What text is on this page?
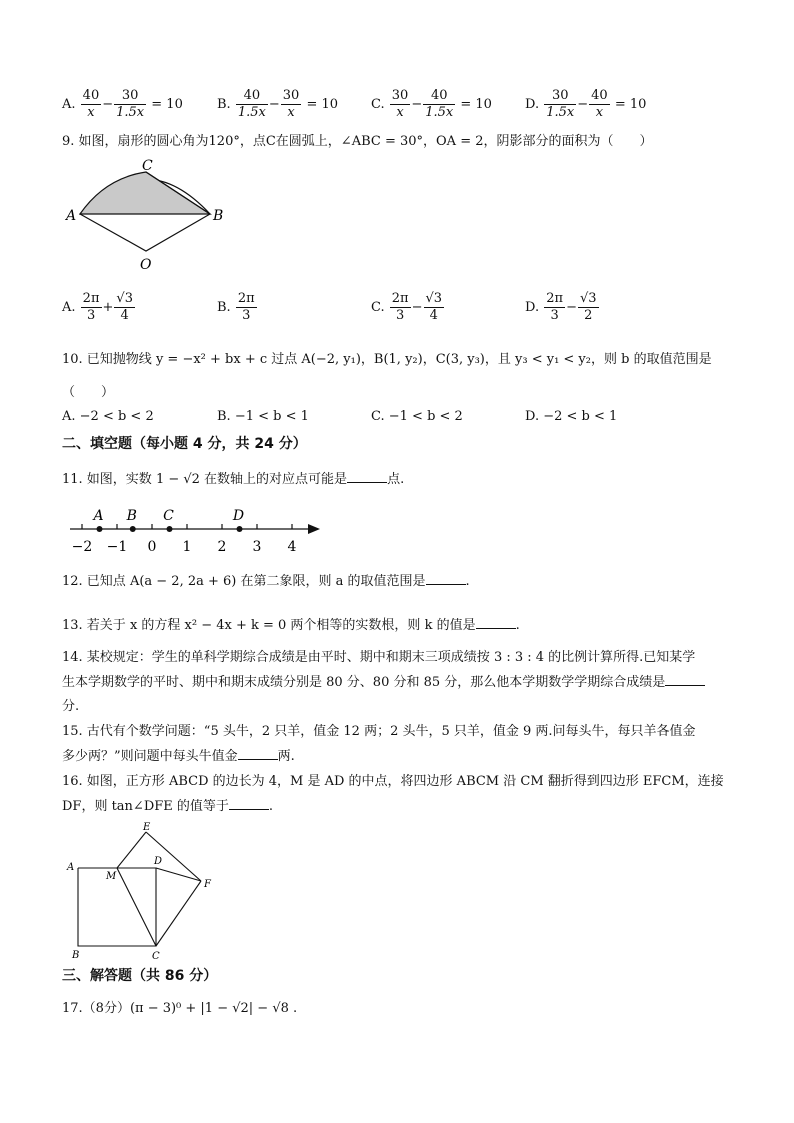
A. $\frac{40}{x} - \frac{30}{1.5x} = 10$	B. $\frac{40}{1.5x} - \frac{30}{x} = 10$	C. $\frac{30}{x} - \frac{40}{1.5x} = 10$	D. $\frac{30}{1.5x} - \frac{40}{x} = 10$
9. 如图，扇形的圆心角为120°，点C在圆弧上，∠ABC = 30°，OA = 2，阴影部分的面积为（　　）
C
A	B
O
A. $\frac{2\pi}{3} + \frac{√3}{4}$	B. $\frac{2\pi}{3}$	C. $\frac{2\pi}{3} - \frac{√3}{4}$	D. $\frac{2\pi}{3} - \frac{√3}{2}$
10. 已知抛物线 y = −x² + bx + c 过点 A(−2, y₁)，B(1, y₂)，C(3, y₃)，且 y₃ < y₁ < y₂，则 b 的取值范围是
（　　）
A. −2 < b < 2	B. −1 < b < 1	C. −1 < b < 2	D. −2 < b < 1
二、填空题（每小题 4 分，共 24 分）
11. 如图，实数 1 − √2 在数轴上的对应点可能是	点.
−2 −1 0 1 2 3 4
A B C	D
12. 已知点 A(a − 2, 2a + 6) 在第二象限，则 a 的取值范围是	.
13. 若关于 x 的方程 x² − 4x + k = 0 两个相等的实数根，则 k 的值是	.
14. 某校规定：学生的单科学期综合成绩是由平时、期中和期末三项成绩按 3 : 3 : 4 的比例计算所得.已知某学
生本学期数学的平时、期中和期末成绩分别是 80 分、80 分和 85 分，那么他本学期数学学期综合成绩是
分.
15. 古代有个数学问题：“5 头牛，2 只羊，值金 12 两；2 头牛，5 只羊，值金 9 两.问每头牛，每只羊各值金
多少两？”则问题中每头牛值金	两.
16. 如图，正方形 ABCD 的边长为 4，M 是 AD 的中点，将四边形 ABCM 沿 CM 翻折得到四边形 EFCM，连接
DF，则 tan∠DFE 的值等于	.
A
B	C
D
E
F
M
三、解答题（共 86 分）
17.（8分）(π − 3)⁰ + |1 − √2| − √8 .
